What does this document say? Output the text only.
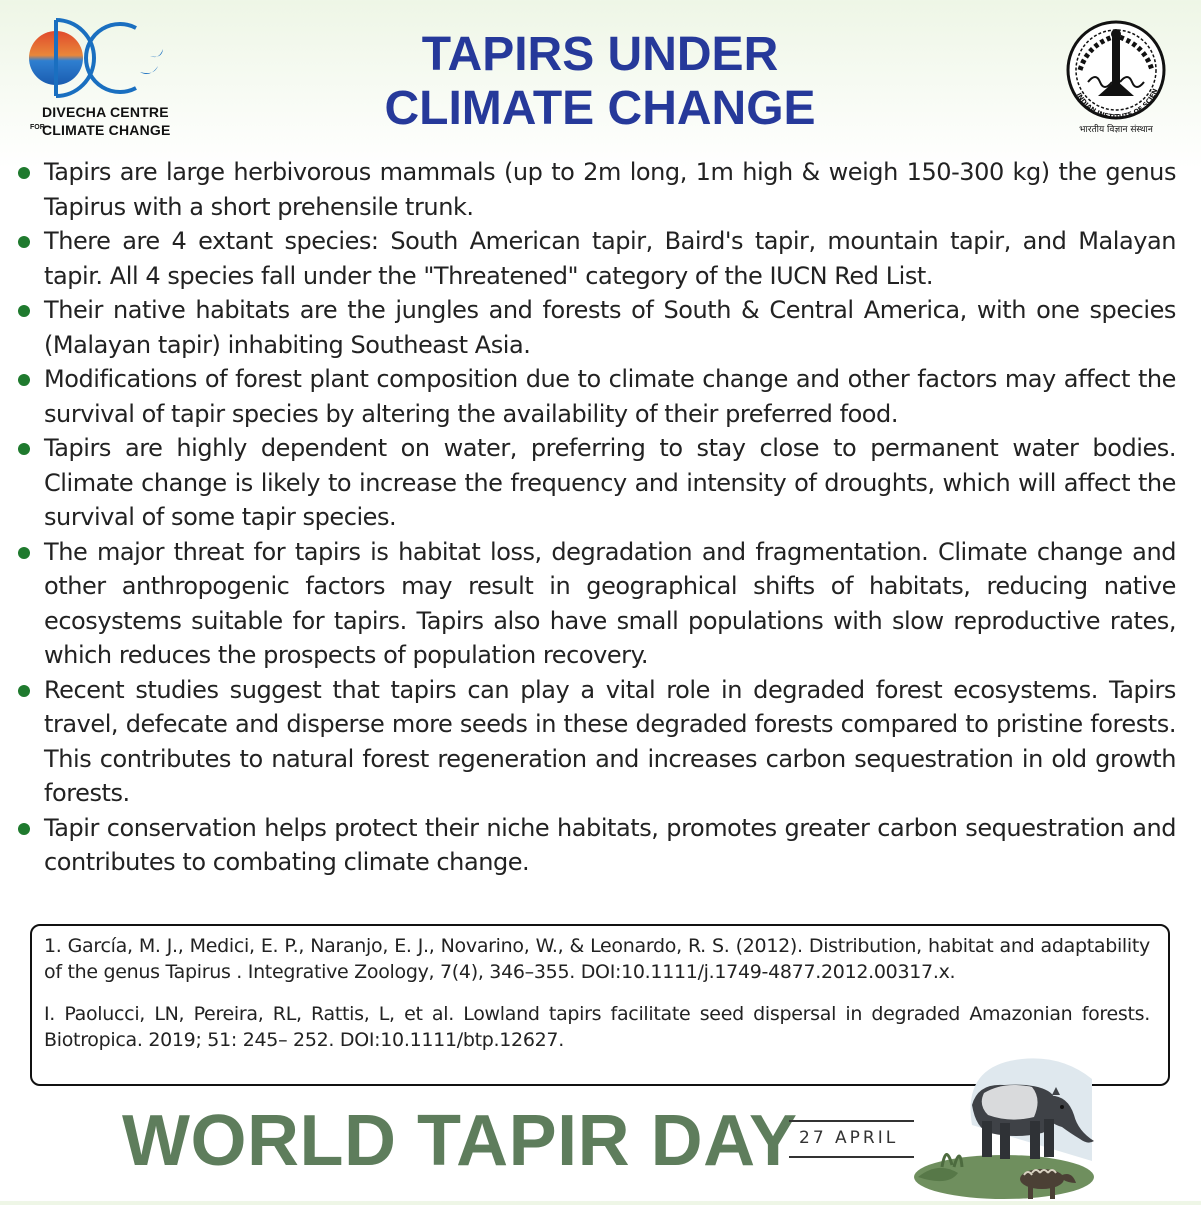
DIVECHA CENTRE
FOR
CLIMATE CHANGE
TAPIRS UNDER
CLIMATE CHANGE	INDIAN INSTITUTE OF SCIEN
भारतीय विज्ञान संस्थान
Tapirs are large herbivorous mammals (up to 2m long, 1m high & weigh 150-300 kg) the genus Tapirus with a short prehensile trunk.
There are 4 extant species: South American tapir, Baird's tapir, mountain tapir, and Malayan tapir. All 4 species fall under the "Threatened" category of the IUCN Red List.
Their native habitats are the jungles and forests of South & Central America, with one species (Malayan tapir) inhabiting Southeast Asia.
Modifications of forest plant composition due to climate change and other factors may affect the survival of tapir species by altering the availability of their preferred food.
Tapirs are highly dependent on water, preferring to stay close to permanent water bodies. Climate change is likely to increase the frequency and intensity of droughts, which will affect the survival of some tapir species.
The major threat for tapirs is habitat loss, degradation and fragmentation. Climate change and other anthropogenic factors may result in geographical shifts of habitats, reducing native ecosystems suitable for tapirs. Tapirs also have small populations with slow reproductive rates, which reduces the prospects of population recovery.
Recent studies suggest that tapirs can play a vital role in degraded forest ecosystems. Tapirs travel, defecate and disperse more seeds in these degraded forests compared to pristine forests. This contributes to natural forest regeneration and increases carbon sequestration in old growth forests.
Tapir conservation helps protect their niche habitats, promotes greater carbon sequestration and contributes to combating climate change.

1. García, M. J., Medici, E. P., Naranjo, E. J., Novarino, W., & Leonardo, R. S. (2012). Distribution, habitat and adaptability of the genus Tapirus . Integrative Zoology, 7(4), 346–355. DOI:10.1111/j.1749-4877.2012.00317.x.

I. Paolucci, LN, Pereira, RL, Rattis, L, et al. Lowland tapirs facilitate seed dispersal in degraded Amazonian forests. Biotropica. 2019; 51: 245– 252. DOI:10.1111/btp.12627.

WORLD TAPIR DAY 27 APRIL
